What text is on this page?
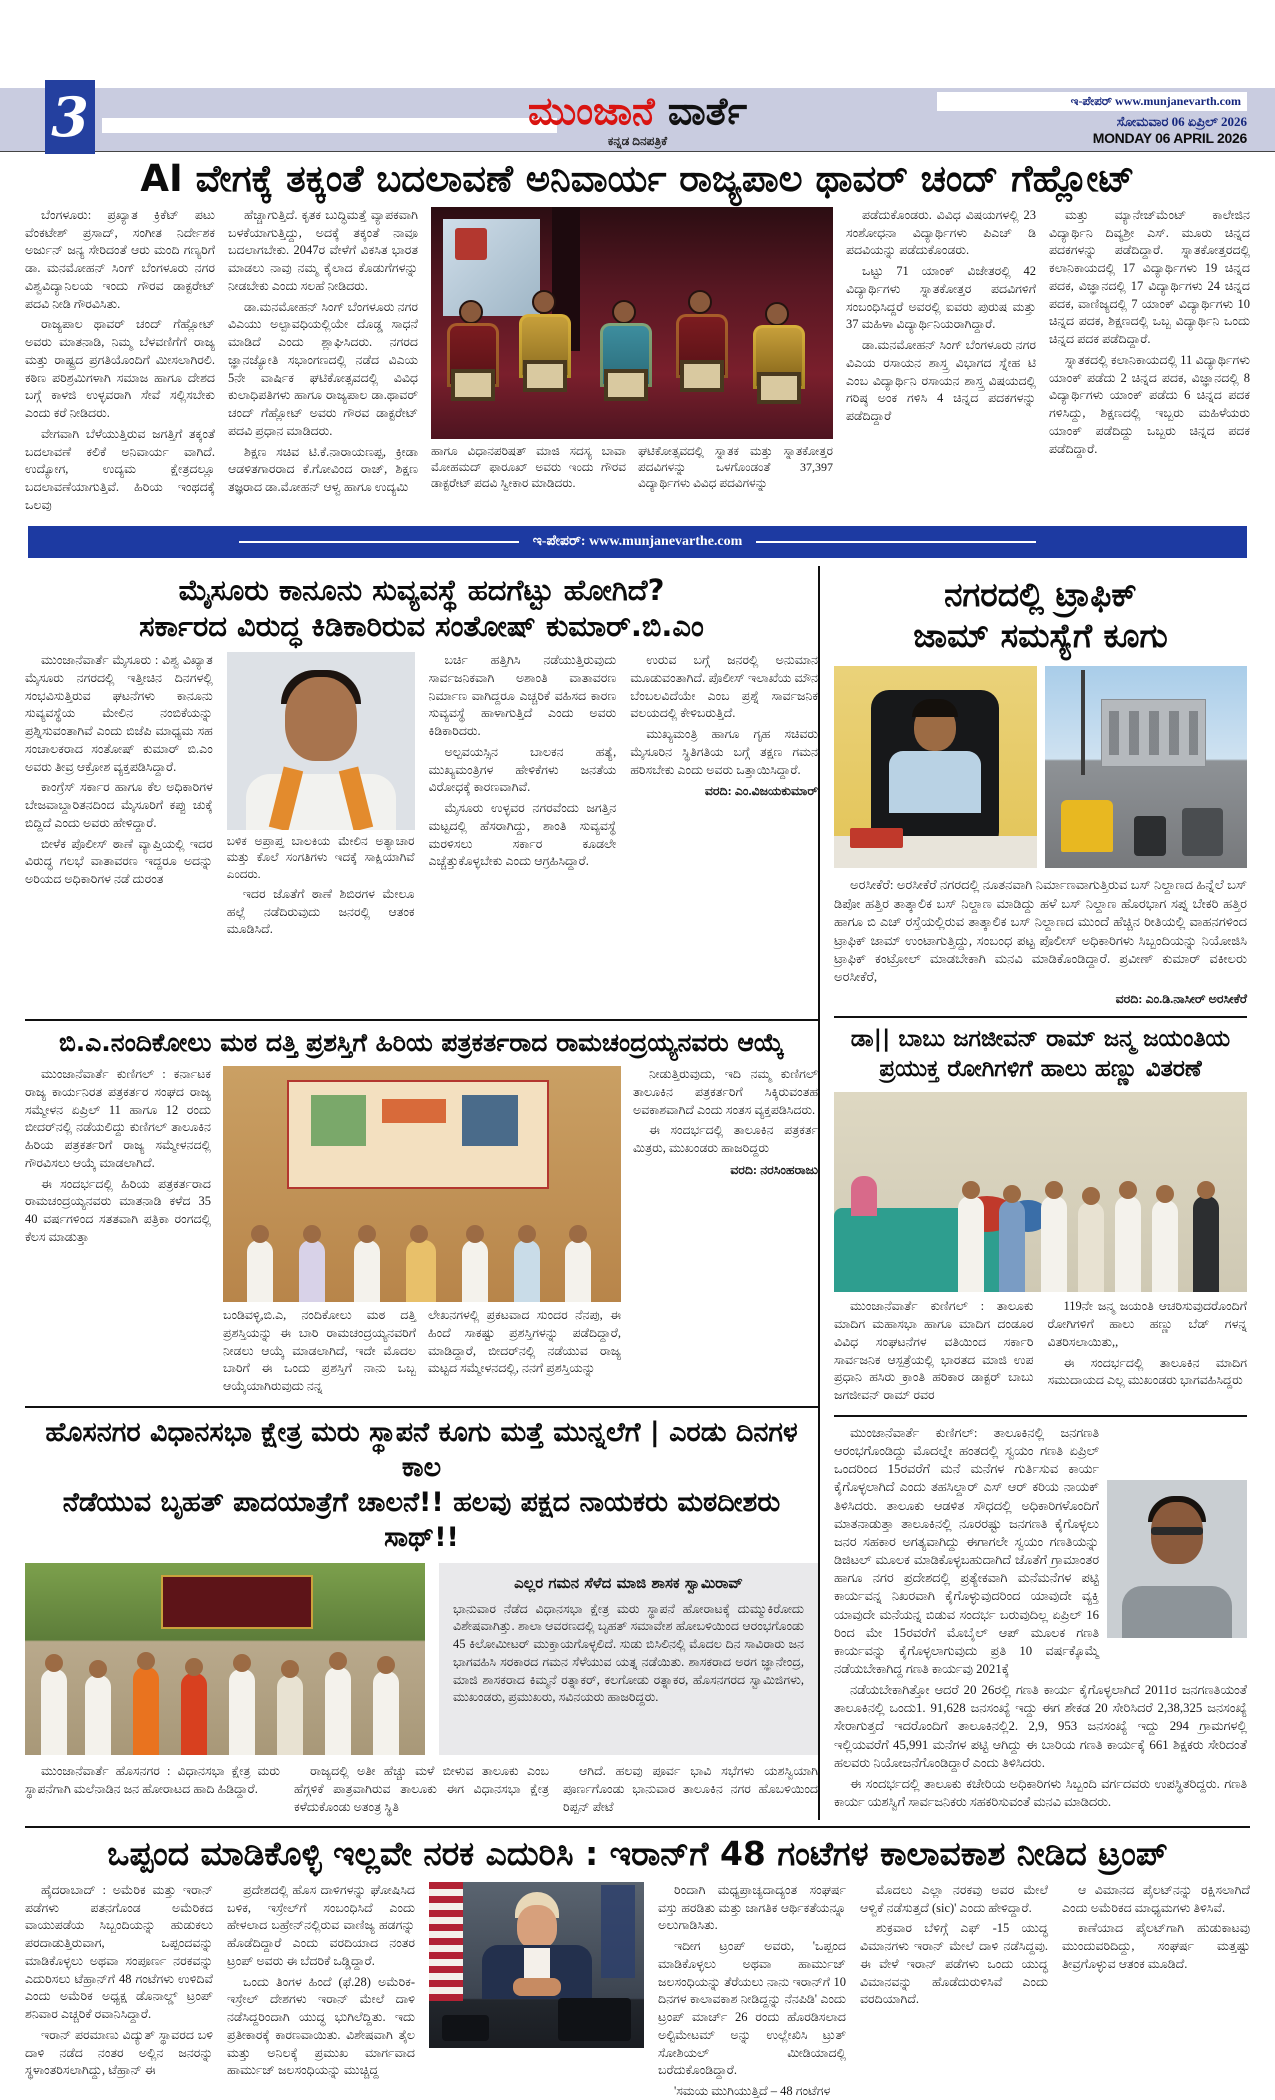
3	ಮುಂಜಾನೆ ವಾರ್ತೆ
ಕನ್ನಡ ದಿನಪತ್ರಿಕೆ
ಇ-ಪೇಪರ್ www.munjanevarth.com
ಸೋಮವಾರ 06 ಏಪ್ರಿಲ್ 2026
MONDAY 06 APRIL 2026
AI ವೇಗಕ್ಕೆ ತಕ್ಕಂತೆ ಬದಲಾವಣೆ ಅನಿವಾರ್ಯ ರಾಜ್ಯಪಾಲ ಥಾವರ್ ಚಂದ್ ಗೆಹ್ಲೋಟ್

ಬೆಂಗಳೂರು: ಪ್ರಖ್ಯಾತ ಕ್ರಿಕೆಟ್ ಪಟು ವೆಂಕಟೇಶ್ ಪ್ರಸಾದ್, ಸಂಗೀತ ನಿರ್ದೇಶಕ ಅರ್ಜುನ್ ಜನ್ಯ ಸೇರಿದಂತೆ ಆರು ಮಂದಿ ಗಣ್ಯರಿಗೆ ಡಾ. ಮನಮೋಹನ್ ಸಿಂಗ್ ಬೆಂಗಳೂರು ನಗರ ವಿಶ್ವವಿದ್ಯಾನಿಲಯ ಇಂದು ಗೌರವ ಡಾಕ್ಟರೇಟ್ ಪದವಿ ನೀಡಿ ಗೌರವಿಸಿತು.

ರಾಜ್ಯಪಾಲ ಥಾವರ್ ಚಂದ್ ಗೆಹ್ಲೋಟ್ ಅವರು ಮಾತನಾಡಿ, ನಿಮ್ಮ ಬೆಳವಣಿಗೆಗೆ ರಾಜ್ಯ ಮತ್ತು ರಾಷ್ಟ್ರದ ಪ್ರಗತಿಯೊಂದಿಗೆ ಮೀಸಲಾಗಿರಲಿ. ಕಠಿಣ ಪರಿಶ್ರಮಿಗಳಾಗಿ ಸಮಾಜ ಹಾಗೂ ದೇಶದ ಬಗ್ಗೆ ಕಾಳಜಿ ಉಳ್ಳವರಾಗಿ ಸೇವೆ ಸಲ್ಲಿಸಬೇಕು ಎಂದು ಕರೆ ನೀಡಿದರು.

ವೇಗವಾಗಿ ಬೆಳೆಯುತ್ತಿರುವ ಜಗತ್ತಿಗೆ ತಕ್ಕಂತೆ ಬದಲಾವಣೆ ಕಲಿಕೆ ಅನಿವಾರ್ಯ ವಾಗಿದೆ. ಉದ್ಯೋಗ, ಉದ್ಯಮ ಕ್ಷೇತ್ರದಲ್ಲೂ ಬದಲಾವಣೆಯಾಗುತ್ತಿವೆ. ಹಿರಿಯ ಇಂಥದಕ್ಕೆ ಒಲವು

ಹೆಚ್ಚಾಗುತ್ತಿದೆ. ಕೃತಕ ಬುದ್ಧಿಮತ್ತೆ ವ್ಯಾಪಕವಾಗಿ ಬಳಕೆಯಾಗುತ್ತಿದ್ದು, ಅದಕ್ಕೆ ತಕ್ಕಂತೆ ನಾವೂ ಬದಲಾಗಬೇಕು. 2047ರ ವೇಳೆಗೆ ವಿಕಸಿತ ಭಾರತ ಮಾಡಲು ನಾವು ನಮ್ಮ ಕೈಲಾದ ಕೊಡುಗೆಗಳನ್ನು ನೀಡಬೇಕು ಎಂದು ಸಲಹೆ ನೀಡಿದರು.

ಡಾ.ಮನಮೋಹನ್ ಸಿಂಗ್ ಬೆಂಗಳೂರು ನಗರ ವಿಎಯು ಅಲ್ಪಾವಧಿಯಲ್ಲಿಯೇ ದೊಡ್ಡ ಸಾಧನೆ ಮಾಡಿದೆ ಎಂದು ಶ್ಲಾಘಿಸಿದರು. ನಗರದ ಜ್ಞಾನಜ್ಯೋತಿ ಸಭಾಂಗಣದಲ್ಲಿ ನಡೆದ ವಿಎಯ 5ನೇ ವಾರ್ಷಿಕ ಘಟಿಕೋತ್ಸವದಲ್ಲಿ ವಿವಿಧ ಕುಲಾಧಿಪತಿಗಳು ಹಾಗೂ ರಾಜ್ಯಪಾಲ ಡಾ.ಥಾವರ್ ಚಂದ್ ಗೆಹ್ಲೋಟ್ ಅವರು ಗೌರವ ಡಾಕ್ಟರೇಟ್ ಪದವಿ ಪ್ರಧಾನ ಮಾಡಿದರು.

ಶಿಕ್ಷಣ ಸಚಿವ ಟಿ.ಕೆ.ನಾರಾಯಣಪ್ಪ, ಕ್ರೀಡಾ ಆಡಳಿತಗಾರರಾದ ಕೆ.ಗೋವಿಂದ ರಾಜ್, ಶಿಕ್ಷಣ ತಜ್ಞರಾದ ಡಾ.ಮೋಹನ್ ಆಳ್ವ ಹಾಗೂ ಉದ್ಯಮಿ

ಹಾಗೂ ವಿಧಾನಪರಿಷತ್ ಮಾಜಿ ಸದಸ್ಯ ಬಾವಾ ಮೋಹಮದ್ ಫಾರೂಖ್ ಅವರು ಇಂದು ಗೌರವ ಡಾಕ್ಟರೇಟ್ ಪದವಿ ಸ್ವೀಕಾರ ಮಾಡಿದರು.
ಘಟಿಕೋತ್ಸವದಲ್ಲಿ ಸ್ನಾತಕ ಮತ್ತು ಸ್ನಾತಕೋತ್ತರ ಪದವಿಗಳನ್ನು ಒಳಗೊಂಡಂತೆ 37,397 ವಿದ್ಯಾರ್ಥಿಗಳು ವಿವಿಧ ಪದವಿಗಳನ್ನು

ಪಡೆದುಕೊಂಡರು. ವಿವಿಧ ವಿಷಯಗಳಲ್ಲಿ 23 ಸಂಶೋಧನಾ ವಿದ್ಯಾರ್ಥಿಗಳು ಪಿಎಚ್ ಡಿ ಪದವಿಯನ್ನು ಪಡೆದುಕೊಂಡರು.

ಒಟ್ಟು 71 ಯಾಂಕ್ ವಿಜೇತರಲ್ಲಿ 42 ವಿದ್ಯಾರ್ಥಿಗಳು ಸ್ನಾತಕೋತ್ತರ ಪದವಿಗಳಿಗೆ ಸಂಬಂಧಿಸಿದ್ದರೆ ಅವರಲ್ಲಿ ಐವರು ಪುರುಷ ಮತ್ತು 37 ಮಹಿಳಾ ವಿದ್ಯಾರ್ಥಿನಿಯರಾಗಿದ್ದಾರೆ.

ಡಾ.ಮನಮೋಹನ್ ಸಿಂಗ್ ಬೆಂಗಳೂರು ನಗರ ವಿಎಯ ರಸಾಯನ ಶಾಸ್ತ್ರ ವಿಭಾಗದ ಸ್ನೇಹ ಟಿ ಎಂಬ ವಿದ್ಯಾರ್ಥಿನಿ ರಸಾಯನ ಶಾಸ್ತ್ರ ವಿಷಯದಲ್ಲಿ ಗರಿಷ್ಠ ಅಂಕ ಗಳಿಸಿ 4 ಚಿನ್ನದ ಪದಕಗಳನ್ನು ಪಡೆದಿದ್ದಾರೆ

ಮತ್ತು ಮ್ಯಾನೇಜ್‌ಮೆಂಟ್ ಕಾಲೇಜಿನ ವಿದ್ಯಾರ್ಥಿನಿ ದಿವ್ಯಶ್ರೀ ಎಸ್. ಮೂರು ಚಿನ್ನದ ಪದಕಗಳನ್ನು ಪಡೆದಿದ್ದಾರೆ. ಸ್ನಾತಕೋತ್ತರದಲ್ಲಿ ಕಲಾನಿಕಾಯದಲ್ಲಿ 17 ವಿದ್ಯಾರ್ಥಿಗಳು 19 ಚಿನ್ನದ ಪದಕ, ವಿಜ್ಞಾನದಲ್ಲಿ 17 ವಿದ್ಯಾರ್ಥಿಗಳು 24 ಚಿನ್ನದ ಪದಕ, ವಾಣಿಜ್ಯದಲ್ಲಿ 7 ಯಾಂಕ್ ವಿದ್ಯಾರ್ಥಿಗಳು 10 ಚಿನ್ನದ ಪದಕ, ಶಿಕ್ಷಣದಲ್ಲಿ ಒಬ್ಬ ವಿದ್ಯಾರ್ಥಿನಿ ಒಂದು ಚಿನ್ನದ ಪದಕ ಪಡೆದಿದ್ದಾರೆ.

ಸ್ನಾತಕದಲ್ಲಿ ಕಲಾನಿಕಾಯದಲ್ಲಿ 11 ವಿದ್ಯಾರ್ಥಿಗಳು ಯಾಂಕ್ ಪಡೆದು 2 ಚಿನ್ನದ ಪದಕ, ವಿಜ್ಞಾನದಲ್ಲಿ 8 ವಿದ್ಯಾರ್ಥಿಗಳು ಯಾಂಕ್ ಪಡೆದು 6 ಚಿನ್ನದ ಪದಕ ಗಳಿಸಿದ್ದು, ಶಿಕ್ಷಣದಲ್ಲಿ ಇಬ್ಬರು ಮಹಿಳೆಯರು ಯಾಂಕ್ ಪಡೆದಿದ್ದು ಒಬ್ಬರು ಚಿನ್ನದ ಪದಕ ಪಡೆದಿದ್ದಾರೆ.

ಇ-ಪೇಪರ್: www.munjanevarthe.com
ಮೈಸೂರು ಕಾನೂನು ಸುವ್ಯವಸ್ಥೆ ಹದಗೆಟ್ಟು ಹೋಗಿದೆ?
ಸರ್ಕಾರದ ವಿರುದ್ಧ ಕಿಡಿಕಾರಿರುವ ಸಂತೋಷ್ ಕುಮಾರ್.ಬಿ.ಎಂ

ಮುಂಜಾನೆವಾರ್ತೆ ಮೈಸೂರು : ವಿಶ್ವ ವಿಖ್ಯಾತ ಮೈಸೂರು ನಗರದಲ್ಲಿ ಇತ್ತೀಚಿನ ದಿನಗಳಲ್ಲಿ ಸಂಭವಿಸುತ್ತಿರುವ ಘಟನೆಗಳು ಕಾನೂನು ಸುವ್ಯವಸ್ಥೆಯ ಮೇಲಿನ ನಂಬಿಕೆಯನ್ನು ಪ್ರಶ್ನಿಸುವಂತಾಗಿವೆ ಎಂದು ಬಿಜೆಪಿ ಮಾಧ್ಯಮ ಸಹ ಸಂಚಾಲಕರಾದ ಸಂತೋಷ್ ಕುಮಾರ್ ಬಿ.ಎಂ ಅವರು ತೀವ್ರ ಆಕ್ರೋಶ ವ್ಯಕ್ತಪಡಿಸಿದ್ದಾರೆ.

ಕಾಂಗ್ರೆಸ್ ಸರ್ಕಾರ ಹಾಗೂ ಕೆಲ ಅಧಿಕಾರಿಗಳ ಬೇಜವಾಬ್ದಾರಿತನದಿಂದ ಮೈಸೂರಿಗೆ ಕಪ್ಪು ಚುಕ್ಕೆ ಬಿದ್ದಿದೆ ಎಂದು ಅವರು ಹೇಳಿದ್ದಾರೆ.

ಬೀಳೆಕ ಪೊಲೀಸ್ ಠಾಣೆ ವ್ಯಾಪ್ತಿಯಲ್ಲಿ ಇದರ ವಿರುದ್ಧ ಗಲಭೆ ವಾತಾವರಣ ಇದ್ದರೂ ಅದನ್ನು ಅರಿಯದ ಅಧಿಕಾರಿಗಳ ನಡೆ ದುರಂತ

ಬಳಿಕ ಅಪ್ರಾಪ್ತ ಬಾಲಕಿಯ ಮೇಲಿನ ಅತ್ಯಾಚಾರ ಮತ್ತು ಕೊಲೆ ಸಂಗತಿಗಳು ಇದಕ್ಕೆ ಸಾಕ್ಷಿಯಾಗಿವೆ ಎಂದರು.

ಇದರ ಜೊತೆಗೆ ಠಾಣೆ ಶಿಬಿರಗಳ ಮೇಲೂ ಹಲ್ಲೆ ನಡೆದಿರುವುದು ಜನರಲ್ಲಿ ಆತಂಕ ಮೂಡಿಸಿದೆ.

ಬರ್ಚಿ ಹತ್ತಿಗಿಸಿ ನಡೆಯುತ್ತಿರುವುದು ಸಾರ್ವಜನಿಕವಾಗಿ ಅಶಾಂತಿ ವಾತಾವರಣ ನಿರ್ಮಾಣ ವಾಗಿದ್ದರೂ ಎಚ್ಚರಿಕೆ ವಹಿಸದ ಕಾರಣ ಸುವ್ಯವಸ್ಥೆ ಹಾಳಾಗುತ್ತಿದೆ ಎಂದು ಅವರು ಕಿಡಿಕಾರಿದರು.

ಅಲ್ಪವಯಸ್ಸಿನ ಬಾಲಕನ ಹತ್ಯೆ, ಮುಖ್ಯಮಂತ್ರಿಗಳ ಹೇಳಿಕೆಗಳು ಜನತೆಯ ವಿರೋಧಕ್ಕೆ ಕಾರಣವಾಗಿವೆ.

ಮೈಸೂರು ಉಳ್ಳವರ ನಗರವೆಂದು ಜಗತ್ತಿನ ಮಟ್ಟದಲ್ಲಿ ಹೆಸರಾಗಿದ್ದು, ಶಾಂತಿ ಸುವ್ಯವಸ್ಥೆ ಮರಳಿಸಲು ಸರ್ಕಾರ ಕೂಡಲೇ ಎಚ್ಚೆತ್ತುಕೊಳ್ಳಬೇಕು ಎಂದು ಆಗ್ರಹಿಸಿದ್ದಾರೆ.

ಉರುವ ಬಗ್ಗೆ ಜನರಲ್ಲಿ ಅನುಮಾನ ಮೂಡುವಂತಾಗಿದೆ. ಪೊಲೀಸ್ ಇಲಾಖೆಯ ಮೌನ ಬೆಂಬಲವಿದೆಯೇ ಎಂಬ ಪ್ರಶ್ನೆ ಸಾರ್ವಜನಿಕ ವಲಯದಲ್ಲಿ ಕೇಳಿಬರುತ್ತಿದೆ.

ಮುಖ್ಯಮಂತ್ರಿ ಹಾಗೂ ಗೃಹ ಸಚಿವರು ಮೈಸೂರಿನ ಸ್ಥಿತಿಗತಿಯ ಬಗ್ಗೆ ತಕ್ಷಣ ಗಮನ ಹರಿಸಬೇಕು ಎಂದು ಅವರು ಒತ್ತಾಯಿಸಿದ್ದಾರೆ.

ವರದಿ: ಎಂ.ವಿಜಯಕುಮಾರ್
ಬಿ.ಎ.ನಂದಿಕೋಲು ಮಠ ದತ್ತಿ ಪ್ರಶಸ್ತಿಗೆ ಹಿರಿಯ ಪತ್ರಕರ್ತರಾದ ರಾಮಚಂದ್ರಯ್ಯನವರು ಆಯ್ಕೆ

ಮುಂಜಾನೆವಾರ್ತೆ ಕುಣಿಗಲ್ : ಕರ್ನಾಟಕ ರಾಜ್ಯ ಕಾರ್ಯನಿರತ ಪತ್ರಕರ್ತರ ಸಂಘದ ರಾಜ್ಯ ಸಮ್ಮೇಳನ ಏಪ್ರಿಲ್ 11 ಹಾಗೂ 12 ರಂದು ಬೀದರ್‌ನಲ್ಲಿ ನಡೆಯಲಿದ್ದು ಕುಣಿಗಲ್ ತಾಲೂಕಿನ ಹಿರಿಯ ಪತ್ರಕರ್ತರಿಗೆ ರಾಜ್ಯ ಸಮ್ಮೇಳನದಲ್ಲಿ ಗೌರವಿಸಲು ಆಯ್ಕೆ ಮಾಡಲಾಗಿದೆ.

ಈ ಸಂದರ್ಭದಲ್ಲಿ ಹಿರಿಯ ಪತ್ರಕರ್ತರಾದ ರಾಮಚಂದ್ರಯ್ಯನವರು ಮಾತನಾಡಿ ಕಳೆದ 35 40 ವರ್ಷಗಳಿಂದ ಸತತವಾಗಿ ಪತ್ರಿಕಾ ರಂಗದಲ್ಲಿ ಕೆಲಸ ಮಾಡುತ್ತಾ

ಬಂಡಿವಳ್ಳಿ,ಬಿ.ಎ, ನಂದಿಕೋಲು ಮಠ ದತ್ತಿ ಪ್ರಶಸ್ತಿಯನ್ನು ಈ ಬಾರಿ ರಾಮಚಂದ್ರಯ್ಯನವರಿಗೆ ನೀಡಲು ಆಯ್ಕೆ ಮಾಡಲಾಗಿದೆ, ಇದೇ ಮೊದಲ ಬಾರಿಗೆ ಈ ಒಂದು ಪ್ರಶಸ್ತಿಗೆ ನಾನು ಒಬ್ಬ ಆಯ್ಕೆಯಾಗಿರುವುದು ನನ್ನ

ಲೇಖನಗಳಲ್ಲಿ ಪ್ರಕಟವಾದ ಸುಂದರ ನೆನಪು, ಈ ಹಿಂದೆ ಸಾಕಷ್ಟು ಪ್ರಶಸ್ತಿಗಳನ್ನು ಪಡೆದಿದ್ದಾರೆ, ಮಾಡಿದ್ದಾರೆ, ಬೀದರ್‌ನಲ್ಲಿ ನಡೆಯುವ ರಾಜ್ಯ ಮಟ್ಟದ ಸಮ್ಮೇಳನದಲ್ಲಿ, ನನಗೆ ಪ್ರಶಸ್ತಿಯನ್ನು

ನೀಡುತ್ತಿರುವುದು, ಇದಿ ನಮ್ಮ ಕುಣಿಗಲ್ ತಾಲೂಕಿನ ಪತ್ರಕರ್ತರಿಗೆ ಸಿಕ್ಕಿರುವಂತಹ ಅವಕಾಶವಾಗಿದೆ ಎಂದು ಸಂತಸ ವ್ಯಕ್ತಪಡಿಸಿದರು.

ಈ ಸಂದರ್ಭದಲ್ಲಿ ತಾಲೂಕಿನ ಪತ್ರಕರ್ತ ಮಿತ್ರರು, ಮುಖಂಡರು ಹಾಜರಿದ್ದರು

ವರದಿ: ನರಸಿಂಹರಾಜು
ಹೊಸನಗರ ವಿಧಾನಸಭಾ ಕ್ಷೇತ್ರ ಮರು ಸ್ಥಾಪನೆ ಕೂಗು ಮತ್ತೆ ಮುನ್ನಲೆಗೆ | ಎರಡು ದಿನಗಳ ಕಾಲ
ನೆಡೆಯುವ ಬೃಹತ್ ಪಾದಯಾತ್ರೆಗೆ ಚಾಲನೆ!! ಹಲವು ಪಕ್ಷದ ನಾಯಕರು ಮಠದೀಶರು ಸಾಥ್!!
ಎಲ್ಲರ ಗಮನ ಸೆಳೆದ ಮಾಜಿ ಶಾಸಕ ಸ್ವಾಮಿರಾವ್
ಭಾನುವಾರ ನೆಡೆದ ವಿಧಾನಸಭಾ ಕ್ಷೇತ್ರ ಮರು ಸ್ಥಾಪನೆ ಹೋರಾಟಕ್ಕೆ ದುಮ್ಮುಕಿರೋದು ವಿಶೇಷವಾಗಿತ್ತು. ಶಾಲಾ ಆವರಣದಲ್ಲಿ ಬೃಹತ್ ಸಮಾವೇಶ ಹೋಬಳಿಯಿಂದ ಆರಂಭಗೊಂಡು 45 ಕಿಲೋಮೀಟರ್ ಮುಕ್ತಾಯಗೊಳ್ಳಲಿದೆ. ಸುಡು ಬಿಸಿಲಿನಲ್ಲಿ ಮೊದಲ ದಿನ ಸಾವಿರಾರು ಜನ ಭಾಗವಹಿಸಿ ಸರಕಾರದ ಗಮನ ಸೆಳೆಯುವ ಯತ್ನ ನಡೆಯಿತು. ಶಾಸಕರಾದ ಅರಗ ಜ್ಞಾನೇಂದ್ರ, ಮಾಜಿ ಶಾಸಕರಾದ ಕಿಮ್ಮನೆ ರತ್ನಾಕರ್, ಕಲಗೋಡು ರತ್ನಾಕರ, ಹೊಸನಗರದ ಸ್ವಾಮಿಜಿಗಳು, ಮುಖಂಡರು, ಪ್ರಮುಖರು, ಸವಿನಯರು ಹಾಜರಿದ್ದರು.

ಮುಂಜಾನೆವಾರ್ತೆ ಹೊಸನಗರ : ವಿಧಾನಸಭಾ ಕ್ಷೇತ್ರ ಮರು ಸ್ಥಾಪನೆಗಾಗಿ ಮಲೆನಾಡಿನ ಜನ ಹೋರಾಟದ ಹಾದಿ ಹಿಡಿದ್ದಾರೆ.

ರಾಜ್ಯದಲ್ಲಿ ಅತೀ ಹೆಚ್ಚು ಮಳೆ ಬೀಳುವ ತಾಲೂಕು ಎಂಬ ಹೆಗ್ಗಳಿಕೆ ಪಾತ್ರವಾಗಿರುವ ತಾಲೂಕು ಈಗ ವಿಧಾನಸಭಾ ಕ್ಷೇತ್ರ ಕಳೆದುಕೊಂಡು ಅತಂತ್ರ ಸ್ಥಿತಿ

ಆಗಿದೆ. ಹಲವು ಪೂರ್ವ ಭಾವಿ ಸಭೆಗಳು ಯಶಸ್ವಿಯಾಗಿ ಪೂರ್ಣಗೊಂಡು ಭಾನುವಾರ ತಾಲೂಕಿನ ನಗರ ಹೊಬಳಿಯಿಂದ ರಿಪ್ಪನ್ ಪೇಟೆ

ನಗರದಲ್ಲಿ ಟ್ರಾಫಿಕ್
ಜಾಮ್ ಸಮಸ್ಯೆಗೆ ಕೂಗು

ಅರಸೀಕೆರೆ: ಅರಸೀಕೆರೆ ನಗರದಲ್ಲಿ ನೂತನವಾಗಿ ನಿರ್ಮಾಣವಾಗುತ್ತಿರುವ ಬಸ್ ನಿಲ್ದಾಣದ ಹಿನ್ನೆಲೆ ಬಸ್ ಡಿಪೋ ಹತ್ತಿರ ತಾತ್ಕಾಲಿಕ ಬಸ್ ನಿಲ್ದಾಣ ಮಾಡಿದ್ದು ಹಳೆ ಬಸ್ ನಿಲ್ದಾಣ ಹೊರಭಾಗ ಸಪ್ನ ಬೇಕರಿ ಹತ್ತಿರ ಹಾಗೂ ಬಿ ಎಚ್ ರಸ್ತೆಯಲ್ಲಿರುವ ತಾತ್ಕಾಲಿಕ ಬಸ್ ನಿಲ್ದಾಣದ ಮುಂದೆ ಹೆಚ್ಚಿನ ರೀತಿಯಲ್ಲಿ ವಾಹನಗಳಿಂದ ಟ್ರಾಫಿಕ್ ಜಾಮ್ ಉಂಟಾಗುತ್ತಿದ್ದು, ಸಂಬಂಧ ಪಟ್ಟ ಪೊಲೀಸ್ ಅಧಿಕಾರಿಗಳು ಸಿಬ್ಬಂದಿಯನ್ನು ನಿಯೋಜಿಸಿ ಟ್ರಾಫಿಕ್ ಕಂಟ್ರೋಲ್ ಮಾಡಬೇಕಾಗಿ ಮನವಿ ಮಾಡಿಕೊಂಡಿದ್ದಾರೆ. ಪ್ರವೀಣ್ ಕುಮಾರ್ ವಕೀಲರು ಅರಸೀಕೆರೆ,

ವರದಿ: ಎಂ.ಡಿ.ನಾಸೀರ್ ಅರಸೀಕೆರೆ
ಡಾ|| ಬಾಬು ಜಗಜೀವನ್ ರಾಮ್ ಜನ್ಮ ಜಯಂತಿಯ
ಪ್ರಯುಕ್ತ ರೋಗಿಗಳಿಗೆ ಹಾಲು ಹಣ್ಣು ವಿತರಣೆ

ಮುಂಜಾನೆವಾರ್ತೆ ಕುಣಿಗಲ್ : ತಾಲೂಕು ಮಾದಿಗ ಮಹಾಸಭಾ ಹಾಗೂ ಮಾದಿಗ ದಂಡೂರ ವಿವಿಧ ಸಂಘಟನೆಗಳ ವತಿಯಿಂದ ಸರ್ಕಾರಿ ಸಾರ್ವಜನಿಕ ಆಸ್ಪತ್ರೆಯಲ್ಲಿ ಭಾರತದ ಮಾಜಿ ಉಪ ಪ್ರಧಾನಿ ಹಸಿರು ಕ್ರಾಂತಿ ಹರಿಕಾರ ಡಾಕ್ಟರ್ ಬಾಬು ಜಗಜೀವನ್ ರಾಮ್ ರವರ

119ನೇ ಜನ್ಮ ಜಯಂತಿ ಆಚರಿಸುವುದರೊಂದಿಗೆ ರೋಗಿಗಳಿಗೆ ಹಾಲು ಹಣ್ಣು ಬೆಡ್ ಗಳನ್ನ ವಿತರಿಸಲಾಯಿತು,,

ಈ ಸಂದರ್ಭದಲ್ಲಿ ತಾಲೂಕಿನ ಮಾದಿಗ ಸಮುದಾಯದ ಎಲ್ಲ ಮುಖಂಡರು ಭಾಗವಹಿಸಿದ್ದರು

ಮುಂಜಾನೆವಾರ್ತೆ ಕುಣಿಗಲ್: ತಾಲೂಕಿನಲ್ಲಿ ಜನಗಣತಿ ಆರಂಭಗೊಂಡಿದ್ದು ಮೊದಲ್ನೇ ಹಂತದಲ್ಲಿ ಸ್ವಯಂ ಗಣತಿ ಏಪ್ರಿಲ್ ಒಂದರಿಂದ 15ರವರೆಗೆ ಮನೆ ಮನೆಗಳ ಗುರ್ತಿಸುವ ಕಾರ್ಯ ಕೈಗೊಳ್ಳಲಾಗಿದೆ ಎಂದು ತಹಸಿಲ್ದಾರ್ ಎಸ್ ಆರ್ ಕರಿಯ ನಾಯಕ್ ತಿಳಿಸಿದರು. ತಾಲೂಕು ಆಡಳಿತ ಸೌಧದಲ್ಲಿ ಅಧಿಕಾರಿಗಳೊಂದಿಗೆ ಮಾತನಾಡುತ್ತಾ ತಾಲೂಕಿನಲ್ಲಿ ನೂರರಷ್ಟು ಜನಗಣತಿ ಕೈಗೊಳ್ಳಲು ಜನರ ಸಹಕಾರ ಅಗತ್ಯವಾಗಿದ್ದು ಈಗಾಗಲೇ ಸ್ವಯಂ ಗಣತಿಯನ್ನು ಡಿಜಿಟಲ್ ಮೂಲಕ ಮಾಡಿಕೊಳ್ಳಬಹುದಾಗಿದೆ ಜೊತೆಗೆ ಗ್ರಾಮಾಂತರ ಹಾಗೂ ನಗರ ಪ್ರದೇಶದಲ್ಲಿ ಪ್ರತ್ಯೇಕವಾಗಿ ಮನೆಮನೆಗಳ ಪಟ್ಟಿ ಕಾರ್ಯವನ್ನ ನಿಖರವಾಗಿ ಕೈಗೊಳ್ಳುವುದರಿಂದ ಯಾವುದೇ ವ್ಯಕ್ತಿ ಯಾವುದೇ ಮನೆಯನ್ನ ಬಿಡುವ ಸಂದರ್ಭ ಬರುವುದಿಲ್ಲ ಏಪ್ರಿಲ್ 16 ರಿಂದ ಮೇ 15ರವರೆಗೆ ಮೊಬೈಲ್ ಆಪ್ ಮೂಲಕ ಗಣತಿ ಕಾರ್ಯವನ್ನು ಕೈಗೊಳ್ಳಲಾಗುವುದು ಪ್ರತಿ 10 ವರ್ಷಕ್ಕೊಮ್ಮೆ ನಡೆಯಬೇಕಾಗಿದ್ದ ಗಣತಿ ಕಾರ್ಯವು 2021ಕ್ಕೆ

ನಡೆಯಬೇಕಾಗಿತ್ತೋ ಆದರೆ 20 26ರಲ್ಲಿ ಗಣತಿ ಕಾರ್ಯ ಕೈಗೊಳ್ಳಲಾಗಿದೆ 2011ರ ಜನಗಣತಿಯಂತೆ ತಾಲೂಕಿನಲ್ಲಿ ಒಂದು1. 91,628 ಜನಸಂಖ್ಯೆ ಇದ್ದು ಈಗ ಶೇಕಡ 20 ಸೇರಿಸಿದರೆ 2,38,325 ಜನಸಂಖ್ಯೆ ಸೇರಾಗುತ್ತದೆ ಇದರೊಂದಿಗೆ ತಾಲೂಕಿನಲ್ಲಿ2. 2,9, 953 ಜನಸಂಖ್ಯೆ ಇದ್ದು 294 ಗ್ರಾಮಗಳಲ್ಲಿ ಇಲ್ಲಿಯವರೆಗೆ 45,991 ಮನೆಗಳ ಪಟ್ಟಿ ಆಗಿದ್ದು ಈ ಬಾರಿಯ ಗಣತಿ ಕಾರ್ಯಕ್ಕೆ 661 ಶಿಕ್ಷಕರು ಸೇರಿದಂತೆ ಹಲವರು ನಿಯೋಜನೆಗೊಂಡಿದ್ದಾರೆ ಎಂದು ತಿಳಿಸಿದರು.

ಈ ಸಂದರ್ಭದಲ್ಲಿ ತಾಲೂಕು ಕಚೇರಿಯ ಅಧಿಕಾರಿಗಳು ಸಿಬ್ಬಂದಿ ವರ್ಗದವರು ಉಪಸ್ಥಿತರಿದ್ದರು. ಗಣತಿ ಕಾರ್ಯ ಯಶಸ್ವಿಗೆ ಸಾರ್ವಜನಿಕರು ಸಹಕರಿಸುವಂತೆ ಮನವಿ ಮಾಡಿದರು.

ಒಪ್ಪಂದ ಮಾಡಿಕೊಳ್ಳಿ ಇಲ್ಲವೇ ನರಕ ಎದುರಿಸಿ : ಇರಾನ್‌ಗೆ 48 ಗಂಟೆಗಳ ಕಾಲಾವಕಾಶ ನೀಡಿದ ಟ್ರಂಪ್

ಹೈದರಾಬಾದ್ : ಅಮೆರಿಕ ಮತ್ತು ಇರಾನ್ ಪಡೆಗಳು ಪತನಗೊಂಡ ಅಮೆರಿಕದ ವಾಯುಪಡೆಯ ಸಿಬ್ಬಂದಿಯನ್ನು ಹುಡುಕಲು ಪರದಾಡುತ್ತಿರುವಾಗ, ಒಪ್ಪಂದವನ್ನು ಮಾಡಿಕೊಳ್ಳಲು ಅಥವಾ ಸಂಪೂರ್ಣ ನರಕವನ್ನು ಎದುರಿಸಲು ಟೆಹ್ರಾನ್‌ಗೆ 48 ಗಂಟೆಗಳು ಉಳಿದಿವೆ ಎಂದು ಅಮೆರಿಕ ಅಧ್ಯಕ್ಷ ಡೊನಾಲ್ಡ್ ಟ್ರಂಪ್ ಶನಿವಾರ ಎಚ್ಚರಿಕೆ ರವಾನಿಸಿದ್ದಾರೆ.

ಇರಾನ್ ಪರಮಾಣು ವಿದ್ಯುತ್ ಸ್ಥಾವರದ ಬಳಿ ದಾಳಿ ನಡೆದ ನಂತರ ಅಲ್ಲಿನ ಜನರನ್ನು ಸ್ಥಳಾಂತರಿಸಲಾಗಿದ್ದು, ಟೆಹ್ರಾನ್ ಈ

ಪ್ರದೇಶದಲ್ಲಿ ಹೊಸ ದಾಳಿಗಳನ್ನು ಘೋಷಿಸಿದ ಬಳಿಕ, ಇಸ್ರೇಲ್‌ಗೆ ಸಂಬಂಧಿಸಿದೆ ಎಂದು ಹೇಳಲಾದ ಬಹ್ರೇನ್‌ನಲ್ಲಿರುವ ವಾಣಿಜ್ಯ ಹಡಗನ್ನು ಹೊಡೆದಿದ್ದಾರೆ ಎಂದು ವರದಿಯಾದ ನಂತರ ಟ್ರಂಪ್ ಅವರು ಈ ಬೆದರಿಕೆ ಒಡ್ಡಿದ್ದಾರೆ.

ಒಂದು ತಿಂಗಳ ಹಿಂದೆ (ಫೆ.28) ಅಮೆರಿಕ-ಇಸ್ರೇಲ್ ದೇಶಗಳು ಇರಾನ್ ಮೇಲೆ ದಾಳಿ ನಡೆಸಿದ್ದರಿಂದಾಗಿ ಯುದ್ಧ ಭುಗಿಲೆದ್ದಿತು. ಇದು ಪ್ರತೀಕಾರಕ್ಕೆ ಕಾರಣವಾಯಿತು. ವಿಶೇಷವಾಗಿ ತೈಲ ಮತ್ತು ಅನಿಲಕ್ಕೆ ಪ್ರಮುಖ ಮಾರ್ಗವಾದ ಹಾರ್ಮುಜ್ ಜಲಸಂಧಿಯನ್ನು ಮುಚ್ಚಿದ್ದ

ರಿಂದಾಗಿ ಮಧ್ಯಪ್ರಾಚ್ಯದಾದ್ಯಂತ ಸಂಘರ್ಷ ವಸ್ತು ಹರಡಿತು ಮತ್ತು ಜಾಗತಿಕ ಆರ್ಥಿಕತೆಯನ್ನೂ ಅಲುಗಾಡಿಸಿತು.

ಇದೀಗ ಟ್ರಂಪ್ ಅವರು, 'ಒಪ್ಪಂದ ಮಾಡಿಕೊಳ್ಳಲು ಅಥವಾ ಹಾರ್ಮುಜ್ ಜಲಸಂಧಿಯನ್ನು ತೆರೆಯಲು ನಾನು ಇರಾನ್‌ಗೆ 10 ದಿನಗಳ ಕಾಲಾವಕಾಶ ನೀಡಿದ್ದನ್ನು ನೆನಪಿಡಿ' ಎಂದು ಟ್ರಂಪ್ ಮಾರ್ಚ್ 26 ರಂದು ಹೊರಡಿಸಲಾದ ಅಲ್ಟಿಮೇಟಮ್ ಅನ್ನು ಉಲ್ಲೇಖಿಸಿ ಟ್ರುತ್ ಸೋಶಿಯಲ್ ಮೀಡಿಯಾದಲ್ಲಿ ಬರೆದುಕೊಂಡಿದ್ದಾರೆ.

'ಸಮಯ ಮುಗಿಯುತ್ತಿದೆ – 48 ಗಂಟೆಗಳ

ಮೊದಲು ಎಲ್ಲಾ ನರಕವು ಅವರ ಮೇಲೆ ಆಳ್ವಿಕೆ ನಡೆಸುತ್ತದೆ (sic)' ಎಂದು ಹೇಳಿದ್ದಾರೆ.

ಶುಕ್ರವಾರ ಬೆಳಿಗ್ಗೆ ಎಫ್ -15 ಯುದ್ಧ ವಿಮಾನಗಳು ಇರಾನ್ ಮೇಲೆ ದಾಳಿ ನಡೆಸಿದ್ದವು. ಈ ವೇಳೆ ಇರಾನ್ ಪಡೆಗಳು ಒಂದು ಯುದ್ಧ ವಿಮಾನವನ್ನು ಹೊಡೆದುರುಳಿಸಿವೆ ಎಂದು ವರದಿಯಾಗಿದೆ.

ಆ ವಿಮಾನದ ಪೈಲಟ್‌ನನ್ನು ರಕ್ಷಿಸಲಾಗಿದೆ ಎಂದು ಅಮೆರಿಕದ ಮಾಧ್ಯಮಗಳು ತಿಳಿಸಿವೆ.

ಕಾಣೆಯಾದ ಪೈಲಟ್‌ಗಾಗಿ ಹುಡುಕಾಟವು ಮುಂದುವರಿದಿದ್ದು, ಸಂಘರ್ಷ ಮತ್ತಷ್ಟು ತೀವ್ರಗೊಳ್ಳುವ ಆತಂಕ ಮೂಡಿದೆ.
